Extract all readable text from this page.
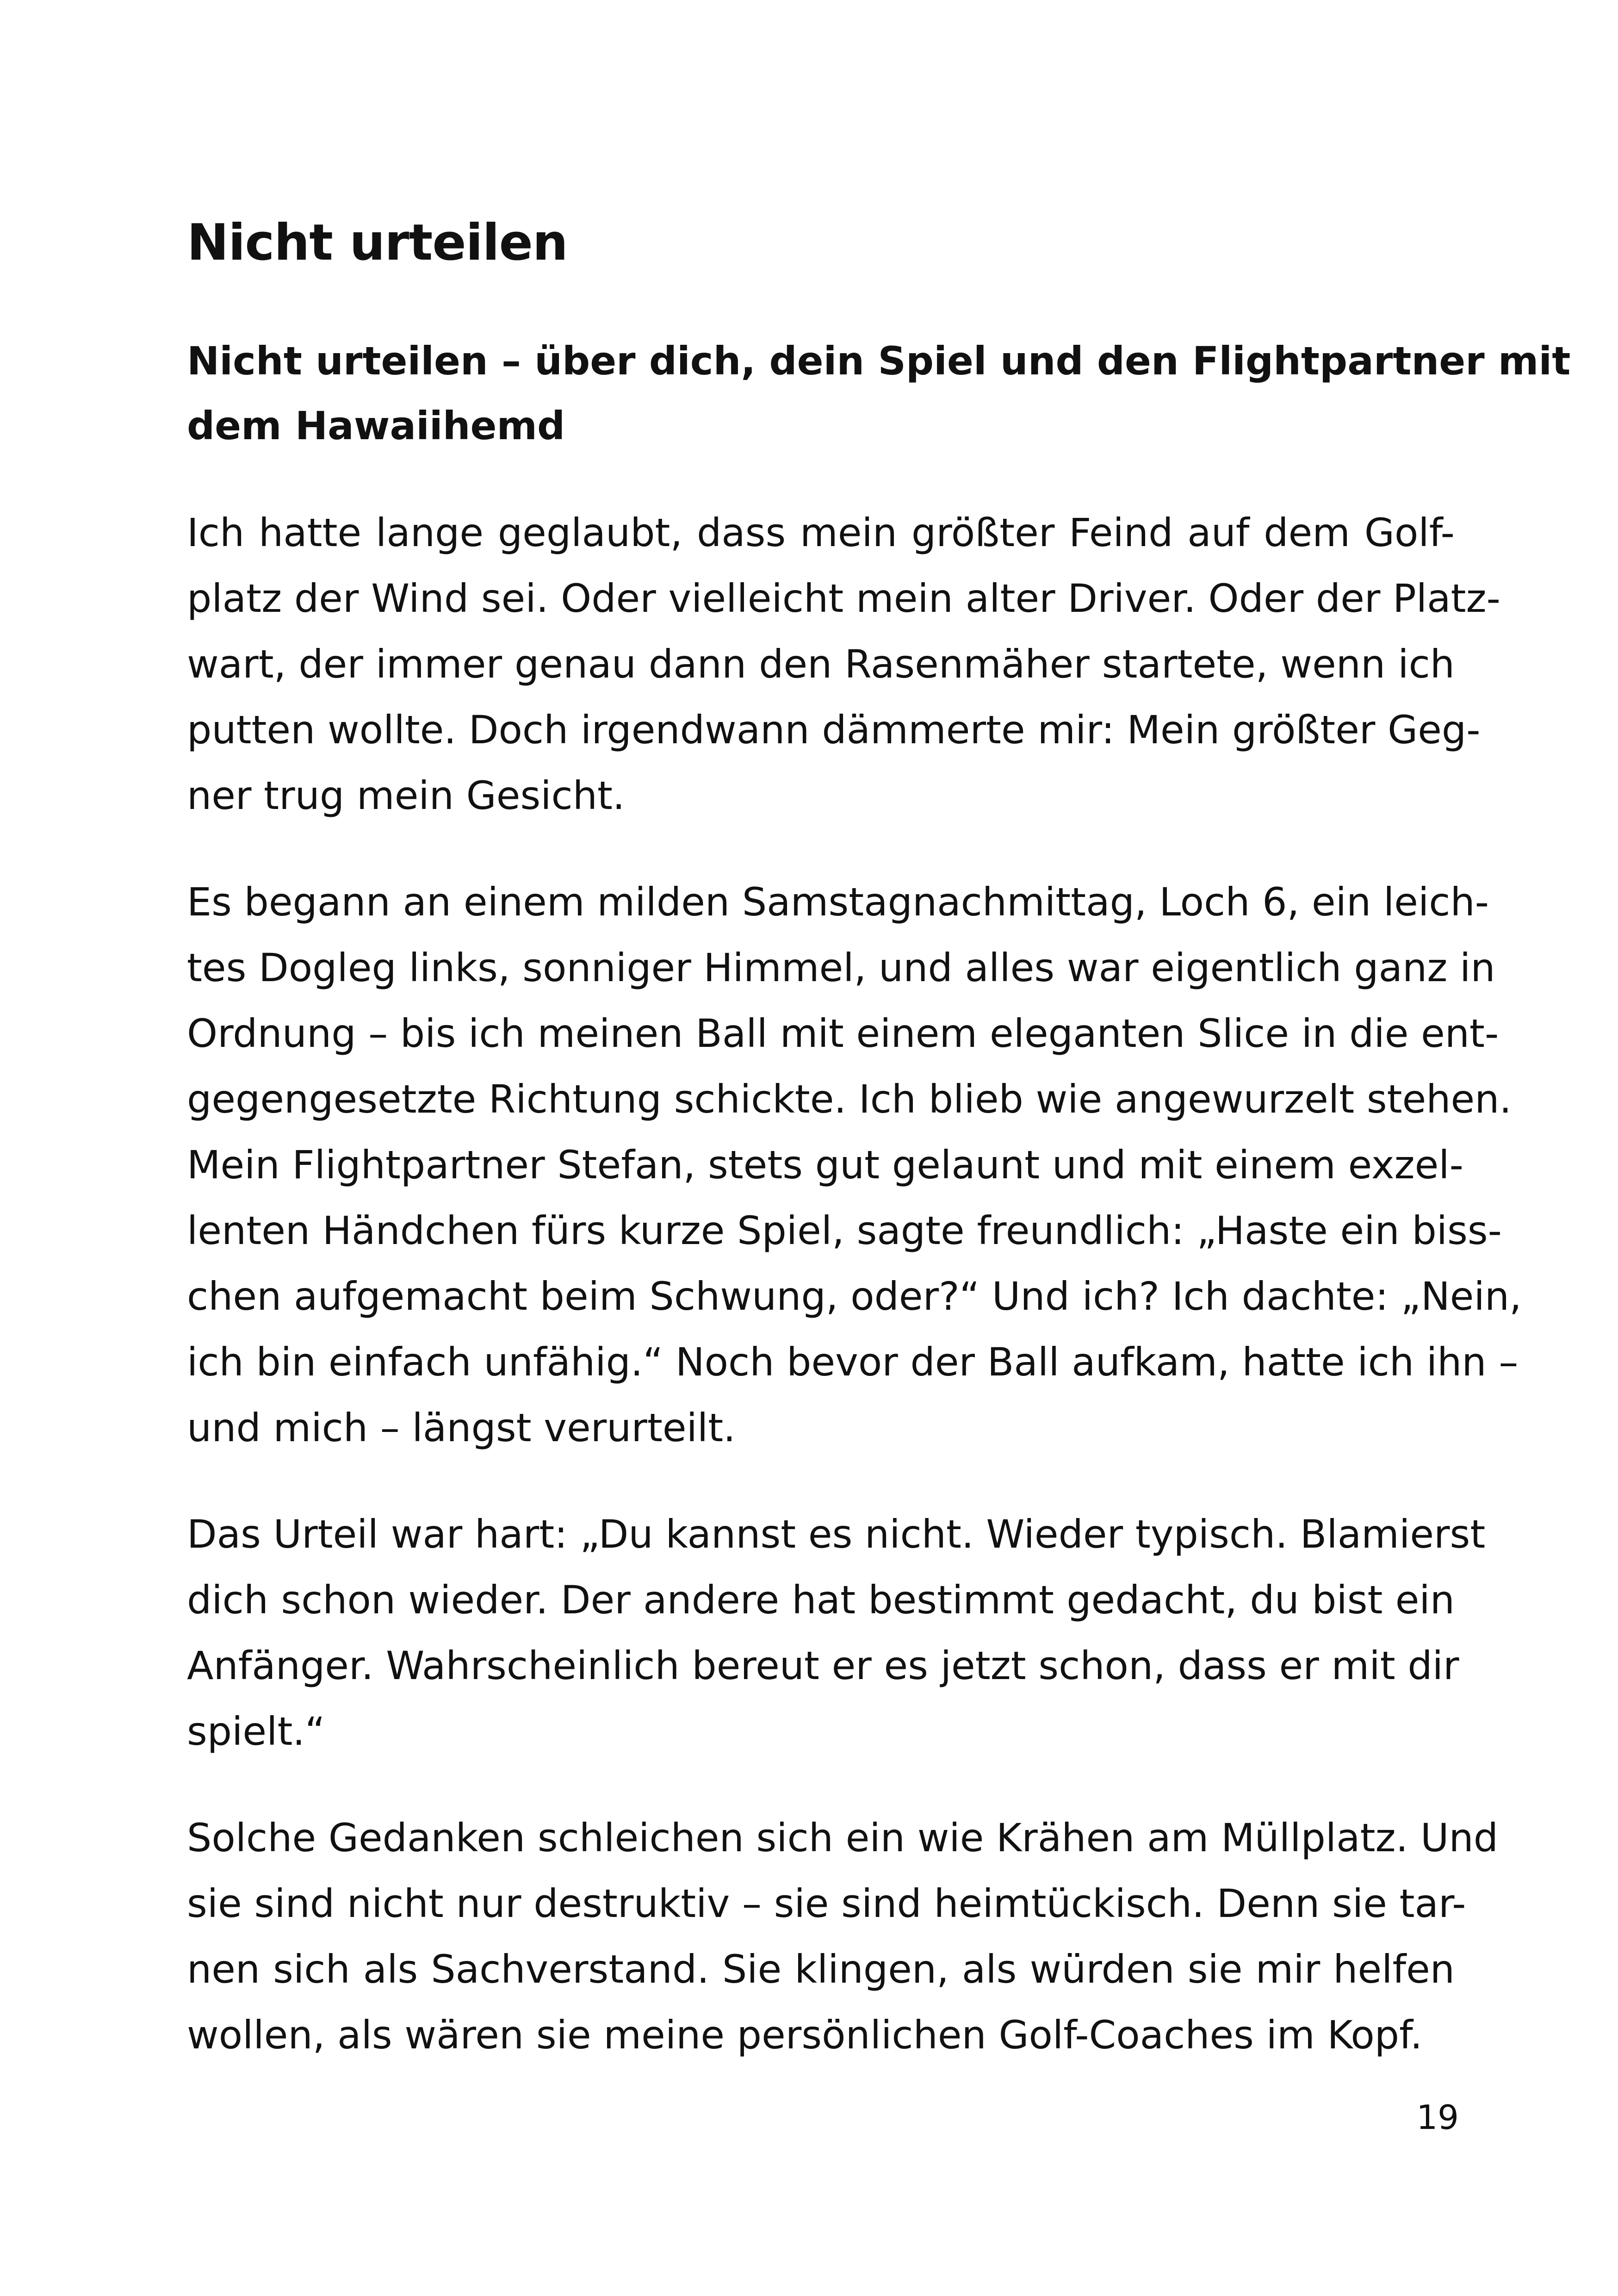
Nicht urteilen
Nicht urteilen – über dich, dein Spiel und den Flightpartner mit
dem Hawaiihemd

Ich hatte lange geglaubt, dass mein größter Feind auf dem Golf-
platz der Wind sei. Oder vielleicht mein alter Driver. Oder der Platz-
wart, der immer genau dann den Rasenmäher startete, wenn ich
putten wollte. Doch irgendwann dämmerte mir: Mein größter Geg-
ner trug mein Gesicht.

Es begann an einem milden Samstagnachmittag, Loch 6, ein leich-
tes Dogleg links, sonniger Himmel, und alles war eigentlich ganz in
Ordnung – bis ich meinen Ball mit einem eleganten Slice in die ent-
gegengesetzte Richtung schickte. Ich blieb wie angewurzelt stehen.
Mein Flightpartner Stefan, stets gut gelaunt und mit einem exzel-
lenten Händchen fürs kurze Spiel, sagte freundlich: „Haste ein biss-
chen aufgemacht beim Schwung, oder?“ Und ich? Ich dachte: „Nein,
ich bin einfach unfähig.“ Noch bevor der Ball aufkam, hatte ich ihn –
und mich – längst verurteilt.

Das Urteil war hart: „Du kannst es nicht. Wieder typisch. Blamierst
dich schon wieder. Der andere hat bestimmt gedacht, du bist ein
Anfänger. Wahrscheinlich bereut er es jetzt schon, dass er mit dir
spielt.“

Solche Gedanken schleichen sich ein wie Krähen am Müllplatz. Und
sie sind nicht nur destruktiv – sie sind heimtückisch. Denn sie tar-
nen sich als Sachverstand. Sie klingen, als würden sie mir helfen
wollen, als wären sie meine persönlichen Golf-Coaches im Kopf.

19
